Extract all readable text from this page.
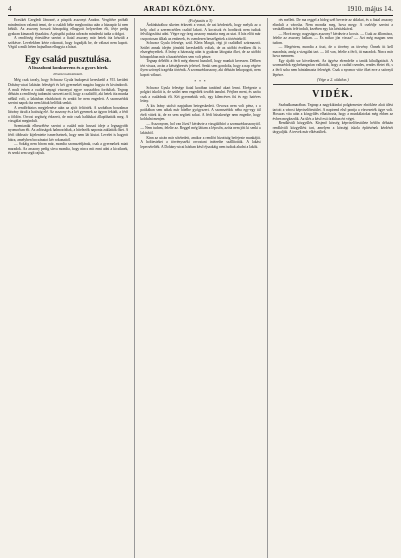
4	ARADI KÖZLÖNY.	1910. május 14.

Erzsikét Czegledi Jánosné, a püspök asszonyt Aradon. Vergődve próbált mindenáron valamit tenni, de a családi béke megbontása után a házaspár ki nem békült. Az asszony hosszú hónapokig elhagyott helyzetben élt, férje pedig gyakran kimaradt éjszakára. A püspöki palota udvarán mindenki tudta a dolgot.

A rendőrség értesülése szerint a fiatal asszony már hetek óta készült a szökésre. Levelekben kérte rokonait, hogy fogadják be, de választ nem kapott. Végül a múlt héten hajnalban elhagyta a házat.

Egy család pusztulása.
A lisszaboni konkurrens és a gyors hírek.
Pénteki tudósítónktól.

Még csak tavaly, hogy Schwarz Gyula budapesti kereskedő a VII. kerületi Dohány-utcai lakásán feleségét és két gyermekét magára hagyta és kivándorolt. A mult évben a család anyagi viszonyai egyre rosszabbra fordultak. Tegnap délután a rendőrség tudomást szerzett arról, hogy a családfő, aki hetek óta munka nélkül volt, a lakásban elzárkózott és senkit be nem engedett. A szomszédok szerint napok óta nem láttak belőlük senkit.

A rendőrbiztos megjelenése után az ajtót feltörték. A szobában borzalmas látvány tárult a hatóság elé. Az asszony és a két gyermek az ágyon feküdt, a férfi a földön. Orvosi segítség érkezett, de már csak halálukat állapíthatták meg. A vizsgálat megindult.

Szemtanúk elbeszélése szerint a család már hosszú ideje a legnagyobb nyomorban élt. Az adósságok halmozódtak, a hitelezők naponta zaklatták őket. A férfi többször kijelentette ismerőseinek, hogy nem lát kiutat. Levelet is hagyott hátra, amelyben bocsánatot kér rokonaitól.

— Sokáig nem bírom már, mondta szomszédjának, csak a gyermekek miatt maradok. Az asszony pedig sírva mondta, hogy nincs mit enni adni a kicsiknek, és senki sem segít rajtuk.

(Folytatás a 3)

Árdánházához siketen érkezett a vonat, de azt kérdezték, hogy melyik az a hely, ahol a szerencsétlen család lakott. A kocsisok és hordárok nem tudtak felvilágosítást adni. Végre egy öreg asszony mutatta meg az utat. A ház előtt már csoportosan álltak az emberek, és csendesen beszélgettek a történtekről.

Schwarz Gyula felesége, szül. Klein Margit, régi jó családból származott. Szülei annak idején jómódú kereskedők voltak, de az utóbbi években ők is elszegényedtek. A leány a házasság után is gyakran látogatta őket, de az utóbbi hónapokban már a hazatéréshez sem volt pénze.

Tegnap délelőtt a férfi még elment hazulról, hogy munkát keressen. Délben tért vissza, arcán a kétségbeesés jeleivel. Senki sem gondolta, hogy a nap végére ilyen szörnyű tragédia történik. A szomszédasszony, aki délután bekopogott, nem kapott választ.

* * *

Schwarz Gyula felesége fiatal korában tanítónő akart lenni. Elvégezte a polgári iskolát is, de szülei nem engedték tovább tanulni. Férjhez ment, és azóta csak a családnak élt. Két gyermekük volt, egy kilencéves fiú és egy hatéves leány.

A kis leány utolsó napjaiban betegeskedett. Orvosra nem volt pénz, s a patikában sem adtak már hitelbe gyógyszert. A szomszédok néha egy-egy tál ételt vittek át, de ez sem segített sokat. A férfi büszkesége nem engedte, hogy koldulni menjen.

— Asszonyom, hol van Józsi? kérdezte a vizsgálóbíró a szomszédasszonytól. — Nem tudom, felelte az. Reggel még láttam a lépcsőn, azóta nem jött ki senki a lakásból.

Kinn az utcán már sötétedett, amikor a rendőri bizottság befejezte munkáját. A holttesteket a törvényszéki orvostani intézetbe szállították. A lakást lepecsételték. A Dohány-utcai házban késő éjszakáig nem tudtak aludni a lakók.

rés mellett. De ma reggel a hideg szél beverte az ablakot, és a fiatal asszony elindult a városba. Nem mondta meg, hova megy. A cselédje szerint a vasútállomás felé indult, kezében egy kis kézitáskával.

— Hová megy, nagyságos asszony? kérdezte a kocsis. — Csak az állomásra, felelte az asszony halkan. — És mikor jön vissza? — Azt még magam sem tudom.

— Megértem, mondta a tiszt, de a törvény az törvény. Önnek itt kell maradnia, amíg a vizsgálat tart. — Jól van, felelte a férfi, itt maradok. Nincs már hova mennem.

Egy újabb sor következett. Az ügyész elrendelte a tanúk kihallgatását. A szomszédok egybehangzóan vallották, hogy a család csendes, rendes életet élt, s a férfi soha nem bántalmazta feleségét. Csak a nyomor vitte őket erre a szörnyű lépésre.

(Vége a 2. oldalon.)
VIDÉK.

Szabadkamarában. Tegnap a nagykikindai polgármester elnöklete alatt ülést tartott a városi képviselőtestület. A napirend első pontja a vízvezeték ügye volt. Hosszas vita után a közgyűlés elhatározta, hogy a munkálatokat még ebben az évben megkezdik. Az ülés a késő esti órákban ért véget.

Rendkívüli közgyűlés. Kisjenő község képviselőtestülete hétfőn délután rendkívüli közgyűlést tart, amelyen a községi iskola építésének kérdését tárgyalják. A tervek már elkészültek.
